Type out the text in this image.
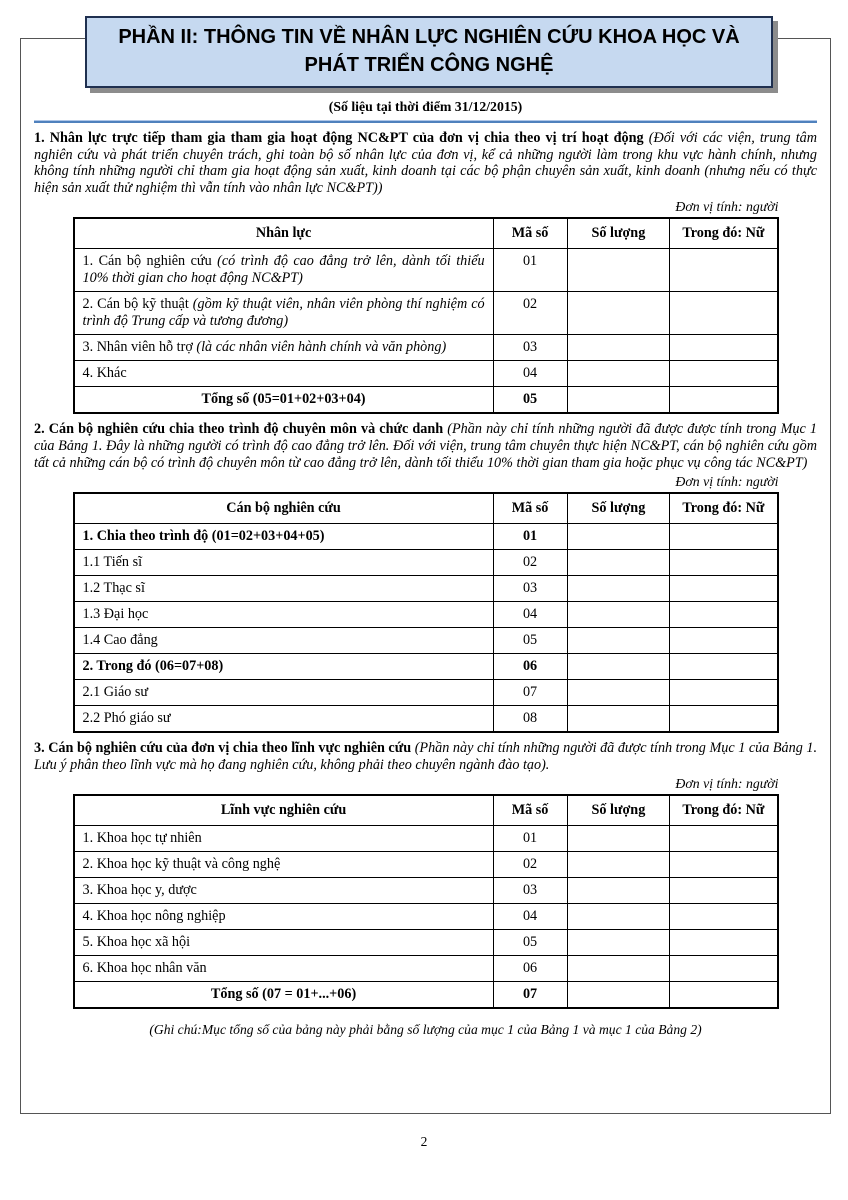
PHẦN II: THÔNG TIN VỀ NHÂN LỰC NGHIÊN CỨU KHOA HỌC VÀ
PHÁT TRIỂN CÔNG NGHỆ
(Số liệu tại thời điểm 31/12/2015)

1. Nhân lực trực tiếp tham gia tham gia hoạt động NC&PT của đơn vị chia theo vị trí hoạt động (Đối với các viện, trung tâm nghiên cứu và phát triển chuyên trách, ghi toàn bộ số nhân lực của đơn vị, kể cả những người làm trong khu vực hành chính, nhưng không tính những người chỉ tham gia hoạt động sản xuất, kinh doanh tại các bộ phận chuyên sản xuất, kinh doanh (nhưng nếu có thực hiện sản xuất thử nghiệm thì vẫn tính vào nhân lực NC&PT))

Đơn vị tính: người
Nhân lực	Mã số	Số lượng	Trong đó: Nữ
1. Cán bộ nghiên cứu (có trình độ cao đẳng trở lên, dành tối thiểu 10% thời gian cho hoạt động NC&PT)	01		
2. Cán bộ kỹ thuật (gồm kỹ thuật viên, nhân viên phòng thí nghiệm có trình độ Trung cấp và tương đương)	02		
3. Nhân viên hỗ trợ (là các nhân viên hành chính và văn phòng)	03		
4. Khác	04		
Tổng số (05=01+02+03+04)	05		

2. Cán bộ nghiên cứu chia theo trình độ chuyên môn và chức danh (Phần này chỉ tính những người đã được được tính trong Mục 1 của Bảng 1. Đây là những người có trình độ cao đẳng trở lên. Đối với viện, trung tâm chuyên thực hiện NC&PT, cán bộ nghiên cứu gồm tất cả những cán bộ có trình độ chuyên môn từ cao đẳng trở lên, dành tối thiểu 10% thời gian tham gia hoặc phục vụ công tác NC&PT)

Đơn vị tính: người
Cán bộ nghiên cứu	Mã số	Số lượng	Trong đó: Nữ
1. Chia theo trình độ (01=02+03+04+05)	01		
1.1 Tiến sĩ	02		
1.2 Thạc sĩ	03		
1.3 Đại học	04		
1.4 Cao đẳng	05		
2. Trong đó (06=07+08)	06		
2.1 Giáo sư	07		
2.2 Phó giáo sư	08		

3. Cán bộ nghiên cứu của đơn vị chia theo lĩnh vực nghiên cứu (Phần này chỉ tính những người đã được tính trong Mục 1 của Bảng 1. Lưu ý phân theo lĩnh vực mà họ đang nghiên cứu, không phải theo chuyên ngành đào tạo).

Đơn vị tính: người
Lĩnh vực nghiên cứu	Mã số	Số lượng	Trong đó: Nữ
1. Khoa học tự nhiên	01		
2. Khoa học kỹ thuật và công nghệ	02		
3. Khoa học y, dược	03		
4. Khoa học nông nghiệp	04		
5. Khoa học xã hội	05		
6. Khoa học nhân văn	06		
Tổng số (07 = 01+...+06)	07		
(Ghi chú:Mục tổng số của bảng này phải bằng số lượng của mục 1 của Bảng 1 và mục 1 của Bảng 2)
2
